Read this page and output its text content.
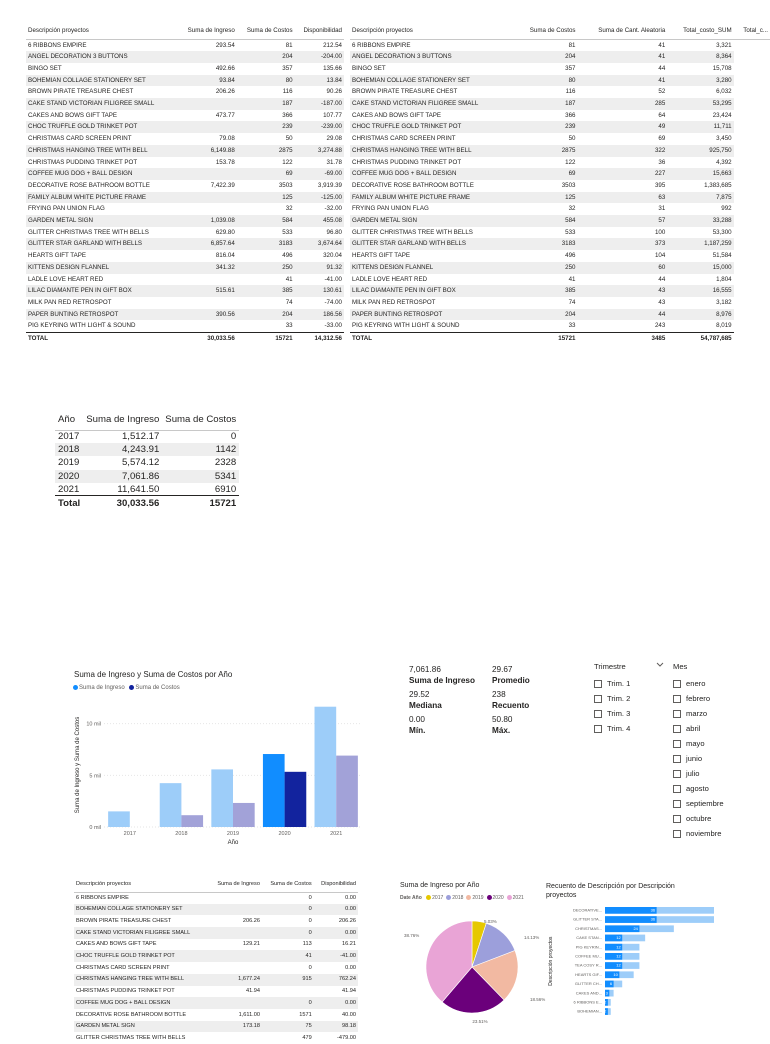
Descripción proyectos	Suma de Ingreso	Suma de Costos	Disponibilidad
6 RIBBONS EMPIRE	293.54	81	212.54
ANGEL DECORATION 3 BUTTONS		204	-204.00
BINGO SET	492.66	357	135.66
BOHEMIAN COLLAGE STATIONERY SET	93.84	80	13.84
BROWN PIRATE TREASURE CHEST	206.26	116	90.26
CAKE STAND VICTORIAN FILIGREE SMALL		187	-187.00
CAKES AND BOWS GIFT TAPE	473.77	366	107.77
CHOC TRUFFLE GOLD TRINKET POT		239	-239.00
CHRISTMAS CARD SCREEN PRINT	79.08	50	29.08
CHRISTMAS HANGING TREE WITH BELL	6,149.88	2875	3,274.88
CHRISTMAS PUDDING TRINKET POT	153.78	122	31.78
COFFEE MUG DOG + BALL DESIGN		69	-69.00
DECORATIVE ROSE BATHROOM BOTTLE	7,422.39	3503	3,919.39
FAMILY ALBUM WHITE PICTURE FRAME		125	-125.00
FRYING PAN UNION FLAG		32	-32.00
GARDEN METAL SIGN	1,039.08	584	455.08
GLITTER CHRISTMAS TREE WITH BELLS	629.80	533	96.80
GLITTER STAR GARLAND WITH BELLS	6,857.64	3183	3,674.64
HEARTS GIFT TAPE	816.04	496	320.04
KITTENS DESIGN FLANNEL	341.32	250	91.32
LADLE LOVE HEART RED		41	-41.00
LILAC DIAMANTE PEN IN GIFT BOX	515.61	385	130.61
MILK PAN RED RETROSPOT		74	-74.00
PAPER BUNTING RETROSPOT	390.56	204	186.56
PIG KEYRING WITH LIGHT & SOUND		33	-33.00
TOTAL	30,033.56	15721	14,312.56
Descripción proyectos	Suma de Costos	Suma de Cant. Aleatoria	Total_costo_SUM	Total_c...
6 RIBBONS EMPIRE	81	41	3,321	
ANGEL DECORATION 3 BUTTONS	204	41	8,364	
BINGO SET	357	44	15,708	
BOHEMIAN COLLAGE STATIONERY SET	80	41	3,280	
BROWN PIRATE TREASURE CHEST	116	52	6,032	
CAKE STAND VICTORIAN FILIGREE SMALL	187	285	53,295	
CAKES AND BOWS GIFT TAPE	366	64	23,424	
CHOC TRUFFLE GOLD TRINKET POT	239	49	11,711	
CHRISTMAS CARD SCREEN PRINT	50	69	3,450	
CHRISTMAS HANGING TREE WITH BELL	2875	322	925,750	
CHRISTMAS PUDDING TRINKET POT	122	36	4,392	
COFFEE MUG DOG + BALL DESIGN	69	227	15,663	
DECORATIVE ROSE BATHROOM BOTTLE	3503	395	1,383,685	
FAMILY ALBUM WHITE PICTURE FRAME	125	63	7,875	
FRYING PAN UNION FLAG	32	31	992	
GARDEN METAL SIGN	584	57	33,288	
GLITTER CHRISTMAS TREE WITH BELLS	533	100	53,300	
GLITTER STAR GARLAND WITH BELLS	3183	373	1,187,259	
HEARTS GIFT TAPE	496	104	51,584	
KITTENS DESIGN FLANNEL	250	60	15,000	
LADLE LOVE HEART RED	41	44	1,804	
LILAC DIAMANTE PEN IN GIFT BOX	385	43	16,555	
MILK PAN RED RETROSPOT	74	43	3,182	
PAPER BUNTING RETROSPOT	204	44	8,976	
PIG KEYRING WITH LIGHT & SOUND	33	243	8,019	
TOTAL	15721	3485	54,787,685	
Año	Suma de Ingreso	Suma de Costos
2017	1,512.17	0
2018	4,243.91	1142
2019	5,574.12	2328
2020	7,061.86	5341
2021	11,641.50	6910
Total	30,033.56	15721
Suma de Ingreso y Suma de Costos por Año
Suma de Ingreso Suma de Costos
0 mil
5 mil
10 mil
2017	2018	2019	2020	2021
Año
Suma de Ingreso y Suma de Costos
7,061.86
Suma de Ingreso
29.67
Promedio
29.52
Mediana
238
Recuento
0.00
Mín.
50.80
Máx.
Trimestre
Trim. 1
Trim. 2
Trim. 3
Trim. 4
Mes
enero
febrero
marzo
abril
mayo
junio
julio
agosto
septiembre
octubre
noviembre
Descripción proyectos	Suma de Ingreso	Suma de Costos	Disponibilidad
6 RIBBONS EMPIRE		0	0.00
BOHEMIAN COLLAGE STATIONERY SET		0	0.00
BROWN PIRATE TREASURE CHEST	206.26	0	206.26
CAKE STAND VICTORIAN FILIGREE SMALL		0	0.00
CAKES AND BOWS GIFT TAPE	129.21	113	16.21
CHOC TRUFFLE GOLD TRINKET POT		41	-41.00
CHRISTMAS CARD SCREEN PRINT		0	0.00
CHRISTMAS HANGING TREE WITH BELL	1,677.24	915	762.24
CHRISTMAS PUDDING TRINKET POT	41.94		41.94
COFFEE MUG DOG + BALL DESIGN		0	0.00
DECORATIVE ROSE BATHROOM BOTTLE	1,611.00	1571	40.00
GARDEN METAL SIGN	173.18	75	98.18
GLITTER CHRISTMAS TREE WITH BELLS		479	-479.00
Suma de Ingreso por Año
Date Año 2017 2018 2019 2020 2021
5.03%
14.13%
18.56%
38.76%
23.51%
Recuento de Descripción por Descripción proyectos
Descripción proyectos
DECORATIVE...	36
GLITTER STA...	36
CHRISTMAS...	24
CAKE STAN...	12
PIG KEYRIN...	12
COFFEE MU...	12
TEA COSY R...	12
HEARTS GIF...	10
GLITTER CH... 6
CAKES AND... 3
6 RIBBONS E... 2
BOHEMIAN... 2
